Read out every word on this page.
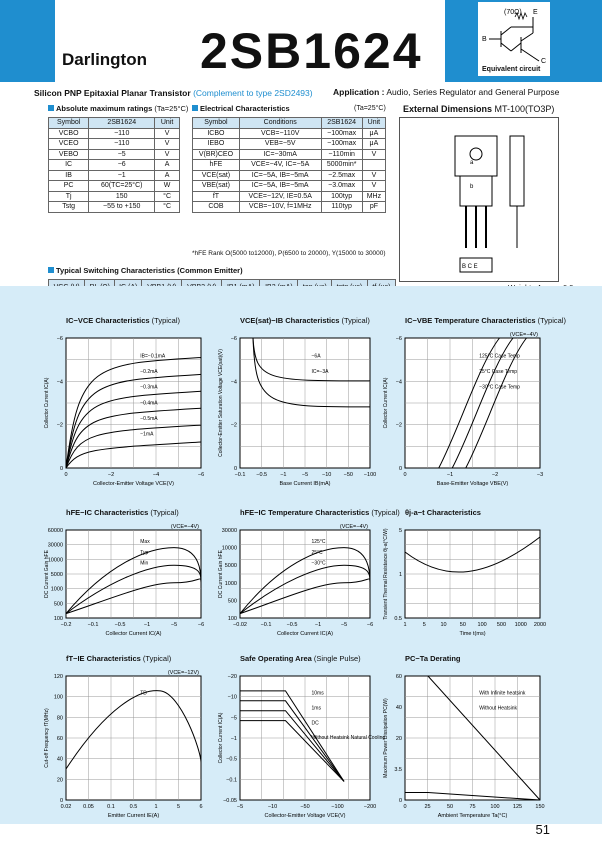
Darlington 2SB1624
(70Ω) E
B
C
Equivalent circuit
Silicon PNP Epitaxial Planar Transistor (Complement to type 2SD2493) Application : Audio, Series Regulator and General Purpose
Absolute maximum ratings (Ta=25°C)
Symbol	2SB1624	Unit
VCBO	−110	V
VCEO	−110	V
VEBO	−5	V
IC	−6	A
IB	−1	A
PC	60(TC=25°C)	W
Tj	150	°C
Tstg	−55 to +150	°C
Electrical Characteristics	(Ta=25°C)
Symbol	Conditions	2SB1624	Unit
ICBO	VCB=−110V	−100max	μA
IEBO	VEB=−5V	−100max	μA
V(BR)CEO	IC=−30mA	−110min	V
hFE	VCE=−4V, IC=−5A	5000min*	
VCE(sat)	IC=−5A, IB=−5mA	−2.5max	V
VBE(sat)	IC=−5A, IB=−5mA	−3.0max	V
fT	VCE=−12V, IE=0.5A	100typ	MHz
COB	VCB=−10V, f=1MHz	110typ	pF
*hFE Rank O(5000 to12000), P(6500 to 20000), Y(15000 to 30000)
External Dimensions MT-100(TO3P)
B C E
a
b
Typical Switching Characteristics (Common Emitter)

IC−VCE Characteristics (Typical)
0	−2	−4	−6
0
−2
−4
−6
Collector-Emitter Voltage VCE(V)
Collector Current IC(A)
IB=−0.1mA
−0.2mA
−0.3mA
−0.4mA
−0.5mA
−1mA
VCE(sat)−IB Characteristics (Typical)
−0.1 −0.5 −1	−5	−10 −50 −100
0
−2
−4
−6
Base Current IB(mA)
Collector-Emitter Saturation Voltage VCE(sat)(V)	−6A
IC=−3A
IC−VBE Temperature Characteristics (Typical)
0	−1	−2	−3
0
−2
−4
−6
Base-Emitter Voltage VBE(V)
Collector Current IC(A)
(VCE=−4V)
125°C Case Temp
25°C Case Temp
−30°C Case Temp
hFE−IC Characteristics (Typical)
−0.2	−0.1	−0.5	−1	−5	−6
100
500
1000
5000
10000
30000
60000
Collector Current IC(A)
DC Current Gain hFE
(VCE=−4V)
Max
Typ
Min
hFE−IC Temperature Characteristics (Typical)
−0.02 −0.1	−0.5	−1	−5	−6
100
500
1000
5000
10000
30000
Collector Current IC(A)
DC Current Gain hFE
(VCE=−4V)
125°C
25°C
−30°C
θj-a−t Characteristics
1	5	10 50 100 500 1000 2000
0.5
1
5
Time t(ms)
Transient Thermal Resistance θj-a(°C/W)
fT−IE Characteristics (Typical)
0.02 0.05 0.1	0.5	1	5	6
0
20
40
60
80
100
120
Emitter Current IE(A)
Cut-off Frequency fT(MHz)
(VCE=−12V)
TD
Safe Operating Area (Single Pulse)
−5	−10	−50	−100	−200
−0.05
−0.1
−0.5
−1
−5
−10
−20
Collector-Emitter Voltage VCE(V)
Collector Current IC(A)
10ms
1ms
DC
Without Heatsink Natural Cooling
PC−Ta Derating
0	25	50	75	100 125 150
0
3.5
20
40
60
Ambient Temperature Ta(°C)
Maximum Power Dissipation PC(W)
With Infinite heatsink
Without Heatsink
51
